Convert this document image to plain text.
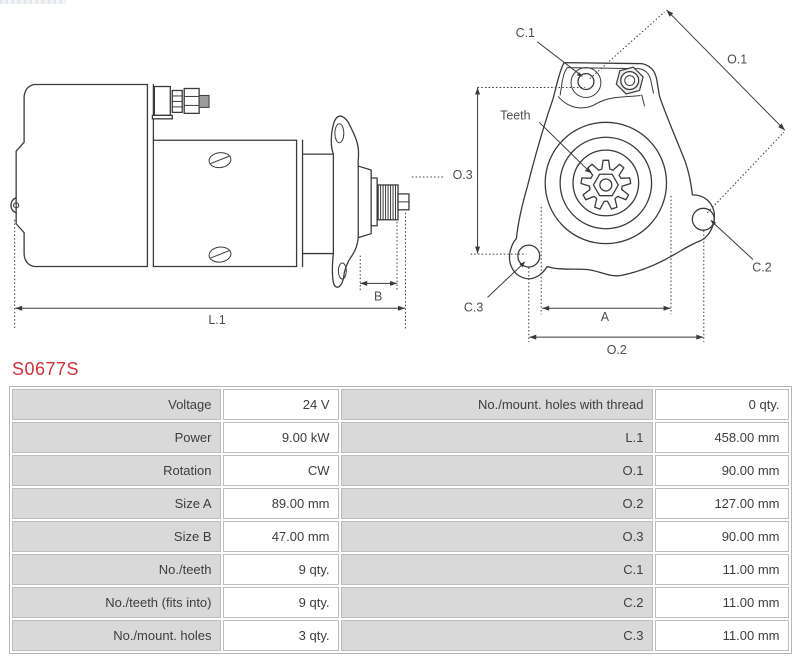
B
L.1
O.3
O.1
C.1
Teeth
C.2
C.3
A
O.2
S0677S
Voltage	24 V	No./mount. holes with thread	0 qty.
Power	9.00 kW	L.1	458.00 mm
Rotation	CW	O.1	90.00 mm
Size A	89.00 mm	O.2	127.00 mm
Size B	47.00 mm	O.3	90.00 mm
No./teeth	9 qty.	C.1	11.00 mm
No./teeth (fits into)	9 qty.	C.2	11.00 mm
No./mount. holes	3 qty.	C.3	11.00 mm
